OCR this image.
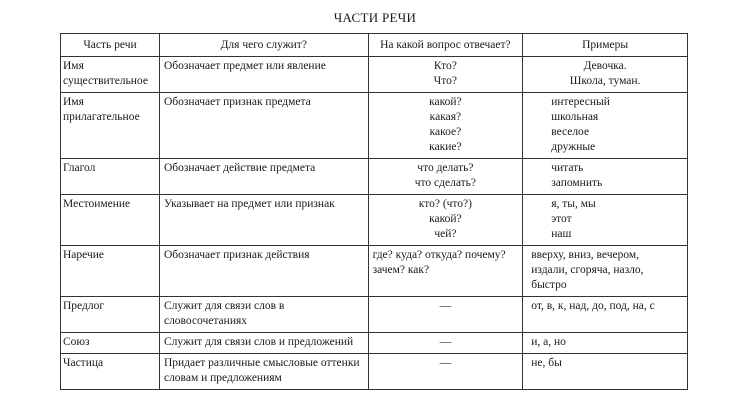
ЧАСТИ РЕЧИ
Часть речи	Для чего служит?	На какой вопрос отвечает?	Примеры
Имя существительное	Обозначает предмет или явление	Кто?
Что?	Девочка.
Школа, туман.

Имя прилагательное	Обозначает признак предмета	какой?
какая?
какое?
какие?	интересный
школьная
веселое
дружные

Глагол	Обозначает действие предмета	что делать?
что сделать?	читать
запомнить

Местоимение	Указывает на предмет или признак	кто? (что?)
какой?
чей?	я, ты, мы
этот
наш

Наречие	Обозначает признак действия	где? куда? откуда? почему?
зачем? как?	вверху, вниз, вечером,
издали, сгоряча, назло,
быстро

Предлог	Служит для связи слов в словосочетаниях	—	от, в, к, над, до, под, на, с

Союз	Служит для связи слов и предложений	—	и, а, но

Частица	Придает различные смысловые оттенки словам и предложениям	—	не, бы
